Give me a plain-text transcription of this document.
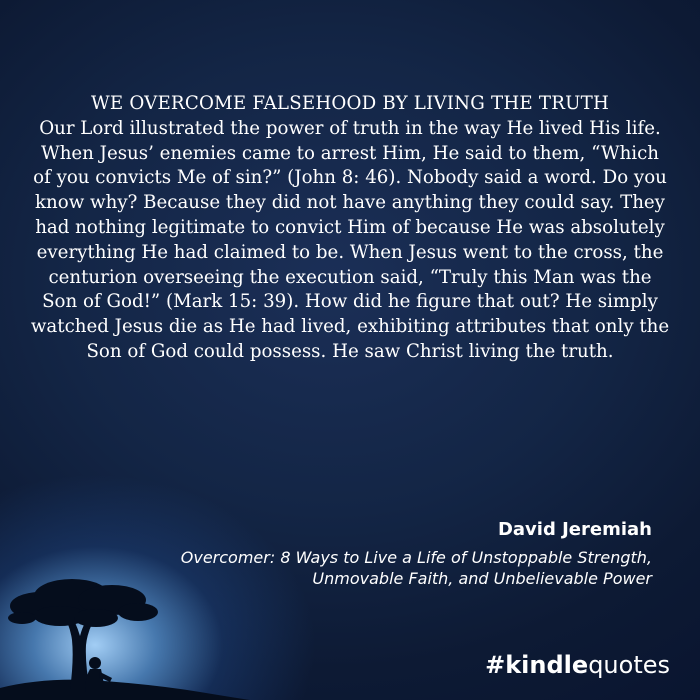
WE OVERCOME FALSEHOOD BY LIVING THE TRUTH
Our Lord illustrated the power of truth in the way He lived His life. When Jesus’ enemies came to arrest Him, He said to them, “Which of you convicts Me of sin?” (John 8: 46). Nobody said a word. Do you know why? Because they did not have anything they could say. They had nothing legitimate to convict Him of because He was absolutely everything He had claimed to be. When Jesus went to the cross, the centurion overseeing the execution said, “Truly this Man was the Son of God!” (Mark 15: 39). How did he figure that out? He simply watched Jesus die as He had lived, exhibiting attributes that only the Son of God could possess. He saw Christ living the truth.

David Jeremiah
Overcomer: 8 Ways to Live a Life of Unstoppable Strength, Unmovable Faith, and Unbelievable Power
#kindlequotes
